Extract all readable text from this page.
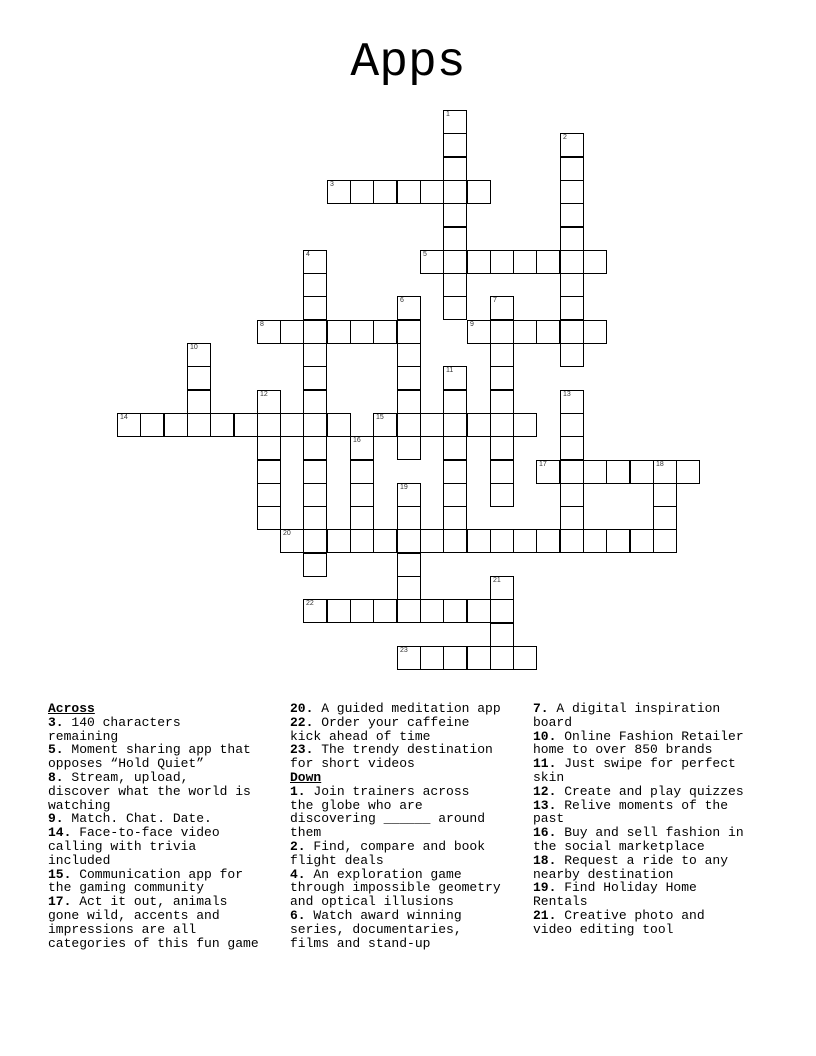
Apps
1
2
3
4	5
6	7
8	9
10
11
12	13
14	15
16
17	18
19
20
21
22
23
Across
3. 140 characters
remaining
5. Moment sharing app that
opposes “Hold Quiet”
8. Stream, upload,
discover what the world is
watching
9. Match. Chat. Date.
14. Face-to-face video
calling with trivia
included
15. Communication app for
the gaming community
17. Act it out, animals
gone wild, accents and
impressions are all
categories of this fun game
20. A guided meditation app
22. Order your caffeine
kick ahead of time
23. The trendy destination
for short videos
Down
1. Join trainers across
the globe who are
discovering ______ around
them
2. Find, compare and book
flight deals
4. An exploration game
through impossible geometry
and optical illusions
6. Watch award winning
series, documentaries,
films and stand-up
7. A digital inspiration
board
10. Online Fashion Retailer
home to over 850 brands
11. Just swipe for perfect
skin
12. Create and play quizzes
13. Relive moments of the
past
16. Buy and sell fashion in
the social marketplace
18. Request a ride to any
nearby destination
19. Find Holiday Home
Rentals
21. Creative photo and
video editing tool
